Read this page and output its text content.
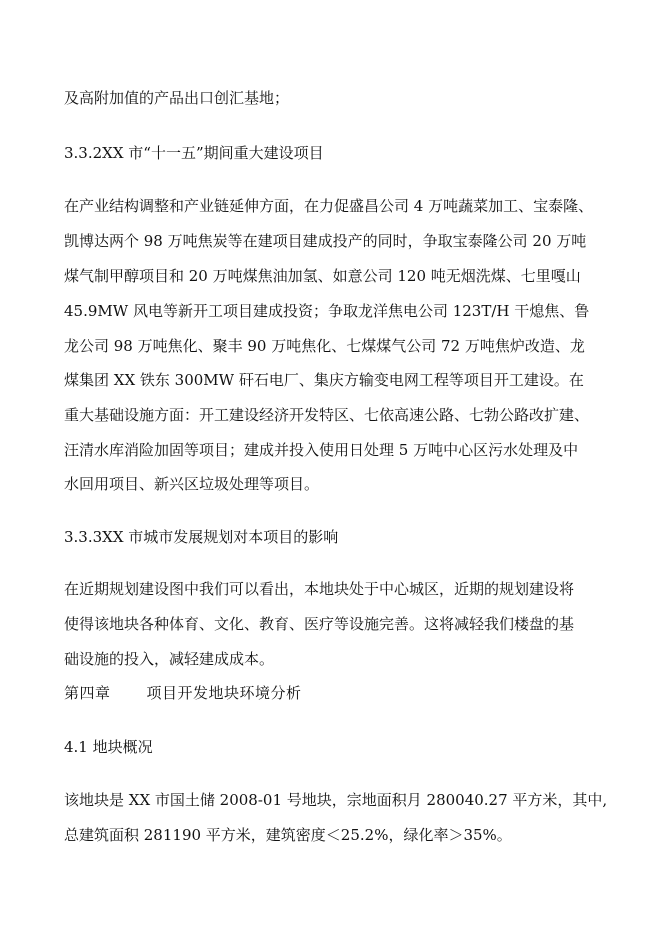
及高附加值的产品出口创汇基地；
3.3.2XX 市“十一五”期间重大建设项目
在产业结构调整和产业链延伸方面，在力促盛昌公司 4 万吨蔬菜加工、宝泰隆、
凯博达两个 98 万吨焦炭等在建项目建成投产的同时，争取宝泰隆公司 20 万吨
煤气制甲醇项目和 20 万吨煤焦油加氢、如意公司 120 吨无烟洗煤、七里嘎山
45.9MW 风电等新开工项目建成投资；争取龙洋焦电公司 123T/H 干熄焦、鲁
龙公司 98 万吨焦化、聚丰 90 万吨焦化、七煤煤气公司 72 万吨焦炉改造、龙
煤集团 XX 铁东 300MW 矸石电厂、集庆方输变电网工程等项目开工建设。在
重大基础设施方面：开工建设经济开发特区、七依高速公路、七勃公路改扩建、
汪清水库消险加固等项目；建成并投入使用日处理 5 万吨中心区污水处理及中
水回用项目、新兴区垃圾处理等项目。
3.3.3XX 市城市发展规划对本项目的影响
在近期规划建设图中我们可以看出，本地块处于中心城区，近期的规划建设将
使得该地块各种体育、文化、教育、医疗等设施完善。这将减轻我们楼盘的基
础设施的投入，减轻建成成本。
第四章 项目开发地块环境分析
4.1 地块概况
该地块是 XX 市国土储 2008-01 号地块，宗地面积月 280040.27 平方米，其中,
总建筑面积 281190 平方米，建筑密度＜25.2%，绿化率＞35%。
